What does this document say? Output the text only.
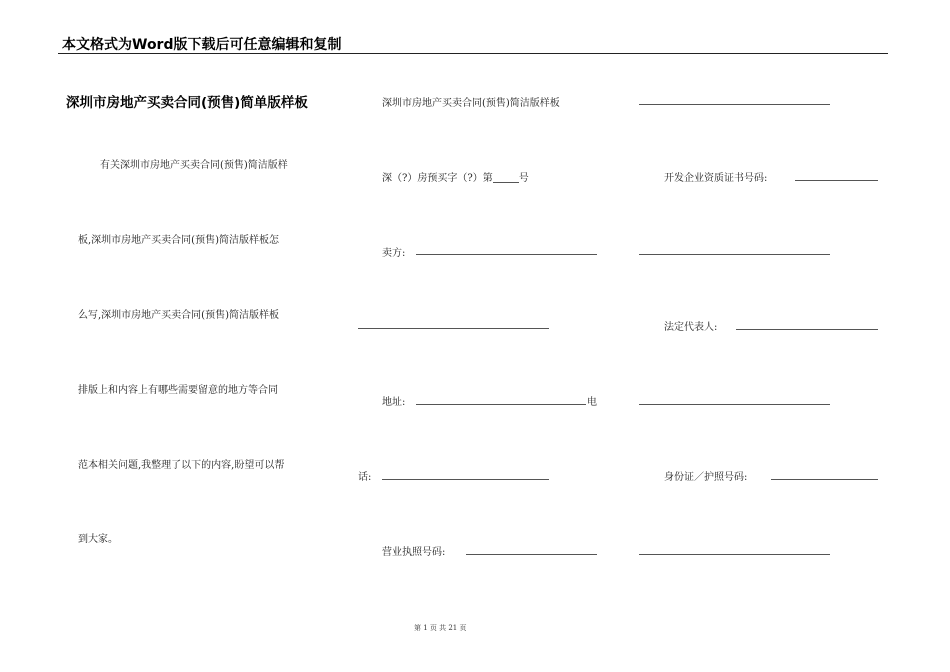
本文格式为Word版下载后可任意编辑和复制
深圳市房地产买卖合同(预售)简单版样板
有关深圳市房地产买卖合同(预售)简洁版样
板,深圳市房地产买卖合同(预售)简洁版样板怎
么写,深圳市房地产买卖合同(预售)简洁版样板
排版上和内容上有哪些需要留意的地方等合同
范本相关问题,我整理了以下的内容,盼望可以帮
到大家。
深圳市房地产买卖合同(预售)简洁版样板
深（?）房预买字（?）第	号
卖方:
地址:	电
话:
营业执照号码:
开发企业资质证书号码:
法定代表人:
身份证／护照号码:
第 1 页 共 21 页
